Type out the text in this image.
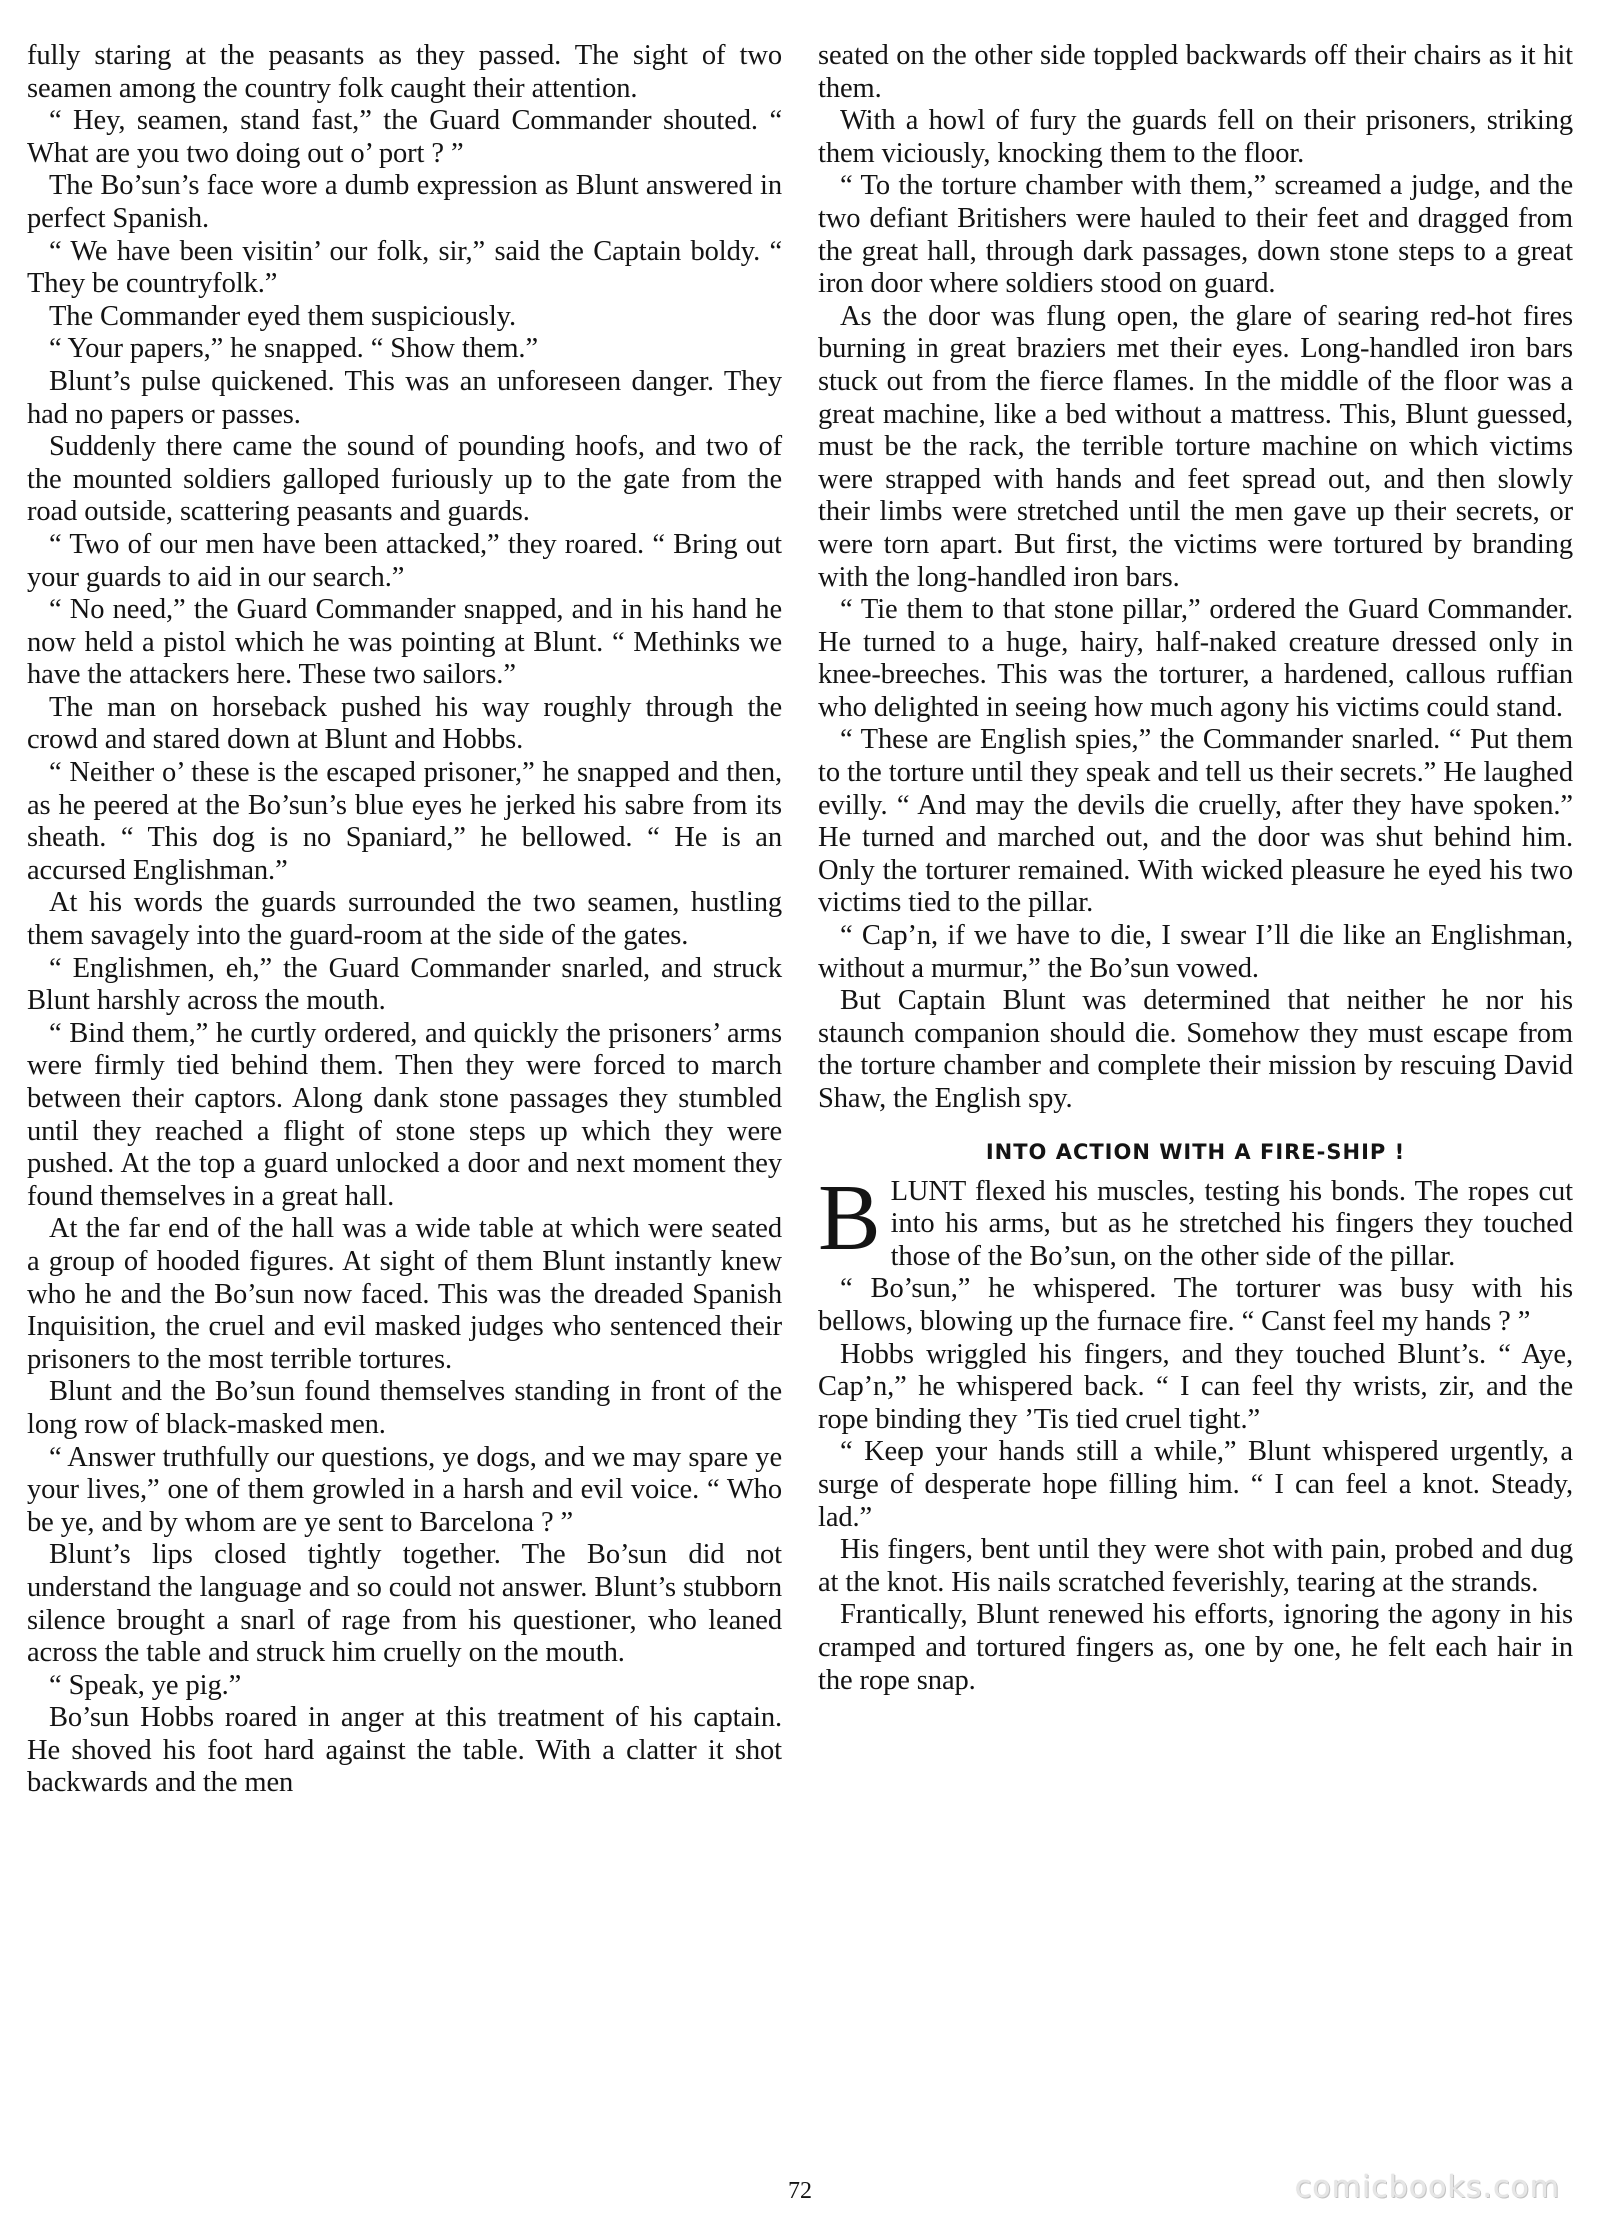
fully staring at the peasants as they passed. The sight of two seamen among the country folk caught their attention.

“ Hey, seamen, stand fast,” the Guard Commander shouted. “ What are you two doing out o’ port ? ”

The Bo’sun’s face wore a dumb expression as Blunt answered in perfect Spanish.

“ We have been visitin’ our folk, sir,” said the Captain boldy. “ They be countryfolk.”

The Commander eyed them suspiciously.

“ Your papers,” he snapped. “ Show them.”

Blunt’s pulse quickened. This was an unforeseen danger. They had no papers or passes.

Suddenly there came the sound of pounding hoofs, and two of the mounted soldiers galloped furiously up to the gate from the road outside, scattering peasants and guards.

“ Two of our men have been attacked,” they roared. “ Bring out your guards to aid in our search.”

“ No need,” the Guard Commander snapped, and in his hand he now held a pistol which he was pointing at Blunt. “ Methinks we have the attackers here. These two sailors.”

The man on horseback pushed his way roughly through the crowd and stared down at Blunt and Hobbs.

“ Neither o’ these is the escaped prisoner,” he snapped and then, as he peered at the Bo’sun’s blue eyes he jerked his sabre from its sheath. “ This dog is no Spaniard,” he bellowed. “ He is an accursed Englishman.”

At his words the guards surrounded the two seamen, hustling them savagely into the guard-room at the side of the gates.

“ Englishmen, eh,” the Guard Commander snarled, and struck Blunt harshly across the mouth.

“ Bind them,” he curtly ordered, and quickly the prisoners’ arms were firmly tied behind them. Then they were forced to march between their captors. Along dank stone passages they stumbled until they reached a flight of stone steps up which they were pushed. At the top a guard unlocked a door and next moment they found themselves in a great hall.

At the far end of the hall was a wide table at which were seated a group of hooded figures. At sight of them Blunt instantly knew who he and the Bo’sun now faced. This was the dreaded Spanish Inquisition, the cruel and evil masked judges who sentenced their prisoners to the most terrible tortures.

Blunt and the Bo’sun found themselves standing in front of the long row of black-masked men.

“ Answer truthfully our questions, ye dogs, and we may spare ye your lives,” one of them growled in a harsh and evil voice. “ Who be ye, and by whom are ye sent to Barcelona ? ”

Blunt’s lips closed tightly together. The Bo’sun did not understand the language and so could not answer. Blunt’s stubborn silence brought a snarl of rage from his questioner, who leaned across the table and struck him cruelly on the mouth.

“ Speak, ye pig.”

Bo’sun Hobbs roared in anger at this treatment of his captain. He shoved his foot hard against the table. With a clatter it shot backwards and the men

seated on the other side toppled backwards off their chairs as it hit them.

With a howl of fury the guards fell on their prisoners, striking them viciously, knocking them to the floor.

“ To the torture chamber with them,” screamed a judge, and the two defiant Britishers were hauled to their feet and dragged from the great hall, through dark passages, down stone steps to a great iron door where soldiers stood on guard.

As the door was flung open, the glare of searing red-hot fires burning in great braziers met their eyes. Long-handled iron bars stuck out from the fierce flames. In the middle of the floor was a great machine, like a bed without a mattress. This, Blunt guessed, must be the rack, the terrible torture machine on which victims were strapped with hands and feet spread out, and then slowly their limbs were stretched until the men gave up their secrets, or were torn apart. But first, the victims were tortured by branding with the long-handled iron bars.

“ Tie them to that stone pillar,” ordered the Guard Commander. He turned to a huge, hairy, half-naked creature dressed only in knee-breeches. This was the torturer, a hardened, callous ruffian who delighted in seeing how much agony his victims could stand.

“ These are English spies,” the Commander snarled. “ Put them to the torture until they speak and tell us their secrets.” He laughed evilly. “ And may the devils die cruelly, after they have spoken.” He turned and marched out, and the door was shut behind him. Only the torturer remained. With wicked pleasure he eyed his two victims tied to the pillar.

“ Cap’n, if we have to die, I swear I’ll die like an Englishman, without a murmur,” the Bo’sun vowed.

But Captain Blunt was determined that neither he nor his staunch companion should die. Somehow they must escape from the torture chamber and complete their mission by rescuing David Shaw, the English spy.

INTO ACTION WITH A FIRE-SHIP !

BLUNT flexed his muscles, testing his bonds. The ropes cut into his arms, but as he stretched his fingers they touched those of the Bo’sun, on the other side of the pillar.

“ Bo’sun,” he whispered. The torturer was busy with his bellows, blowing up the furnace fire. “ Canst feel my hands ? ”

Hobbs wriggled his fingers, and they touched Blunt’s. “ Aye, Cap’n,” he whispered back. “ I can feel thy wrists, zir, and the rope binding they ’Tis tied cruel tight.”

“ Keep your hands still a while,” Blunt whispered urgently, a surge of desperate hope filling him. “ I can feel a knot. Steady, lad.”

His fingers, bent until they were shot with pain, probed and dug at the knot. His nails scratched feverishly, tearing at the strands.

Frantically, Blunt renewed his efforts, ignoring the agony in his cramped and tortured fingers as, one by one, he felt each hair in the rope snap.

72	comicbooks.com
